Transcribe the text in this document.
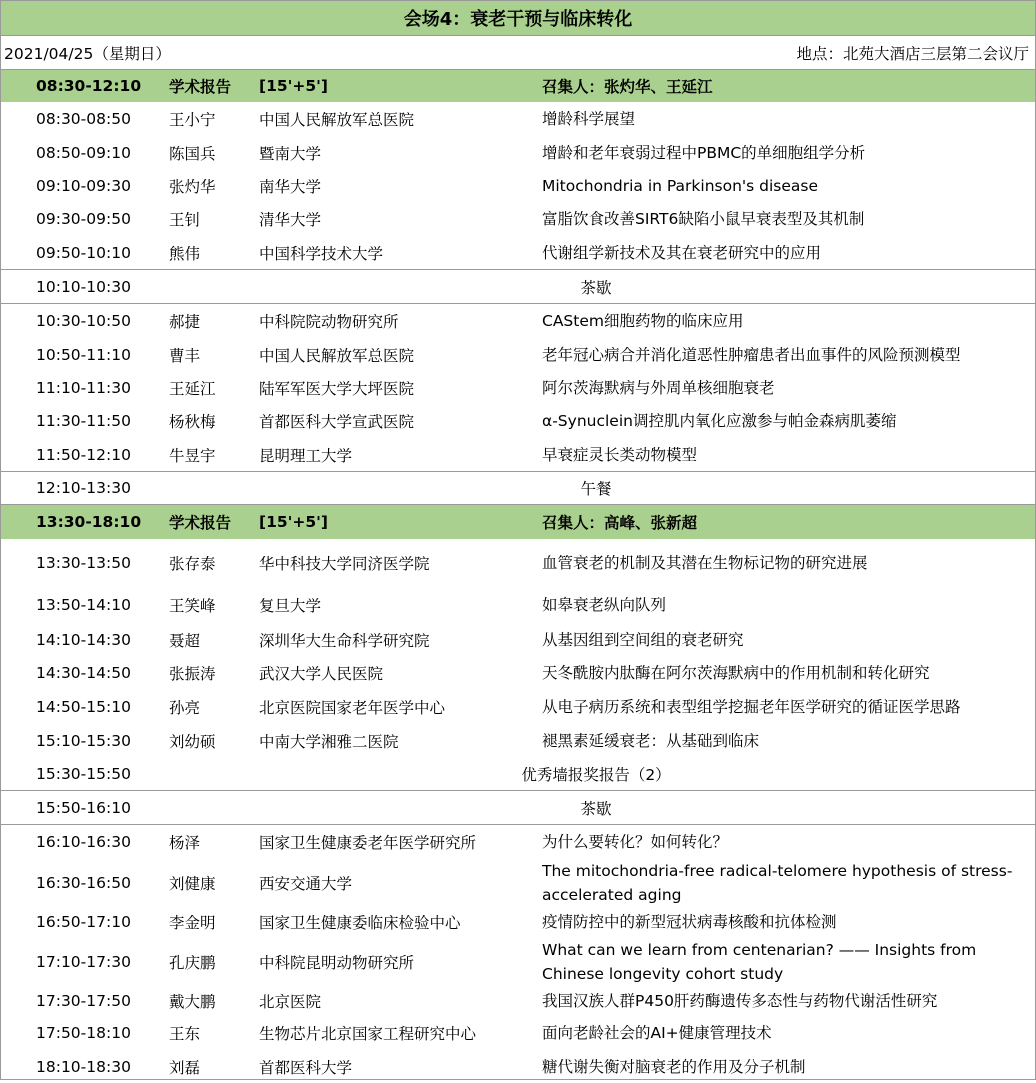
会场4：衰老干预与临床转化
2021/04/25（星期日）	地点：北苑大酒店三层第二会议厅
08:30-12:10 学术报告 [15'+5']	召集人：张灼华、王延江
08:30-08:50 王小宁	中国人民解放军总医院	增龄科学展望
08:50-09:10 陈国兵	暨南大学	增龄和老年衰弱过程中PBMC的单细胞组学分析
09:10-09:30 张灼华	南华大学	Mitochondria in Parkinson's disease
09:30-09:50 王钊	清华大学	富脂饮食改善SIRT6缺陷小鼠早衰表型及其机制
09:50-10:10 熊伟	中国科学技术大学	代谢组学新技术及其在衰老研究中的应用
10:10-10:30	茶歇
10:30-10:50 郝捷	中科院院动物研究所	CAStem细胞药物的临床应用
10:50-11:10 曹丰	中国人民解放军总医院	老年冠心病合并消化道恶性肿瘤患者出血事件的风险预测模型
11:10-11:30 王延江	陆军军医大学大坪医院	阿尔茨海默病与外周单核细胞衰老
11:30-11:50 杨秋梅	首都医科大学宣武医院	α-Synuclein调控肌内氧化应激参与帕金森病肌萎缩
11:50-12:10 牛昱宇	昆明理工大学	早衰症灵长类动物模型
12:10-13:30	午餐
13:30-18:10 学术报告 [15'+5']	召集人：高峰、张新超
13:30-13:50 张存泰	华中科技大学同济医学院	血管衰老的机制及其潜在生物标记物的研究进展
13:50-14:10 王笑峰	复旦大学	如皋衰老纵向队列
14:10-14:30 聂超	深圳华大生命科学研究院	从基因组到空间组的衰老研究
14:30-14:50 张振涛	武汉大学人民医院	天冬酰胺内肽酶在阿尔茨海默病中的作用机制和转化研究
14:50-15:10 孙亮	北京医院国家老年医学中心	从电子病历系统和表型组学挖掘老年医学研究的循证医学思路
15:10-15:30 刘幼硕	中南大学湘雅二医院	褪黑素延缓衰老：从基础到临床
15:30-15:50	优秀墙报奖报告（2）
15:50-16:10	茶歇
16:10-16:30 杨泽	国家卫生健康委老年医学研究所	为什么要转化？如何转化？
16:30-16:50 刘健康	西安交通大学
The mitochondria-free radical-telomere hypothesis of stress-accelerated aging
16:50-17:10 李金明	国家卫生健康委临床检验中心	疫情防控中的新型冠状病毒核酸和抗体检测
17:10-17:30 孔庆鹏	中科院昆明动物研究所
What can we learn from centenarian? —— Insights from Chinese longevity cohort study
17:30-17:50 戴大鹏	北京医院	我国汉族人群P450肝药酶遗传多态性与药物代谢活性研究
17:50-18:10 王东	生物芯片北京国家工程研究中心	面向老龄社会的AI+健康管理技术
18:10-18:30 刘磊	首都医科大学	糖代谢失衡对脑衰老的作用及分子机制
